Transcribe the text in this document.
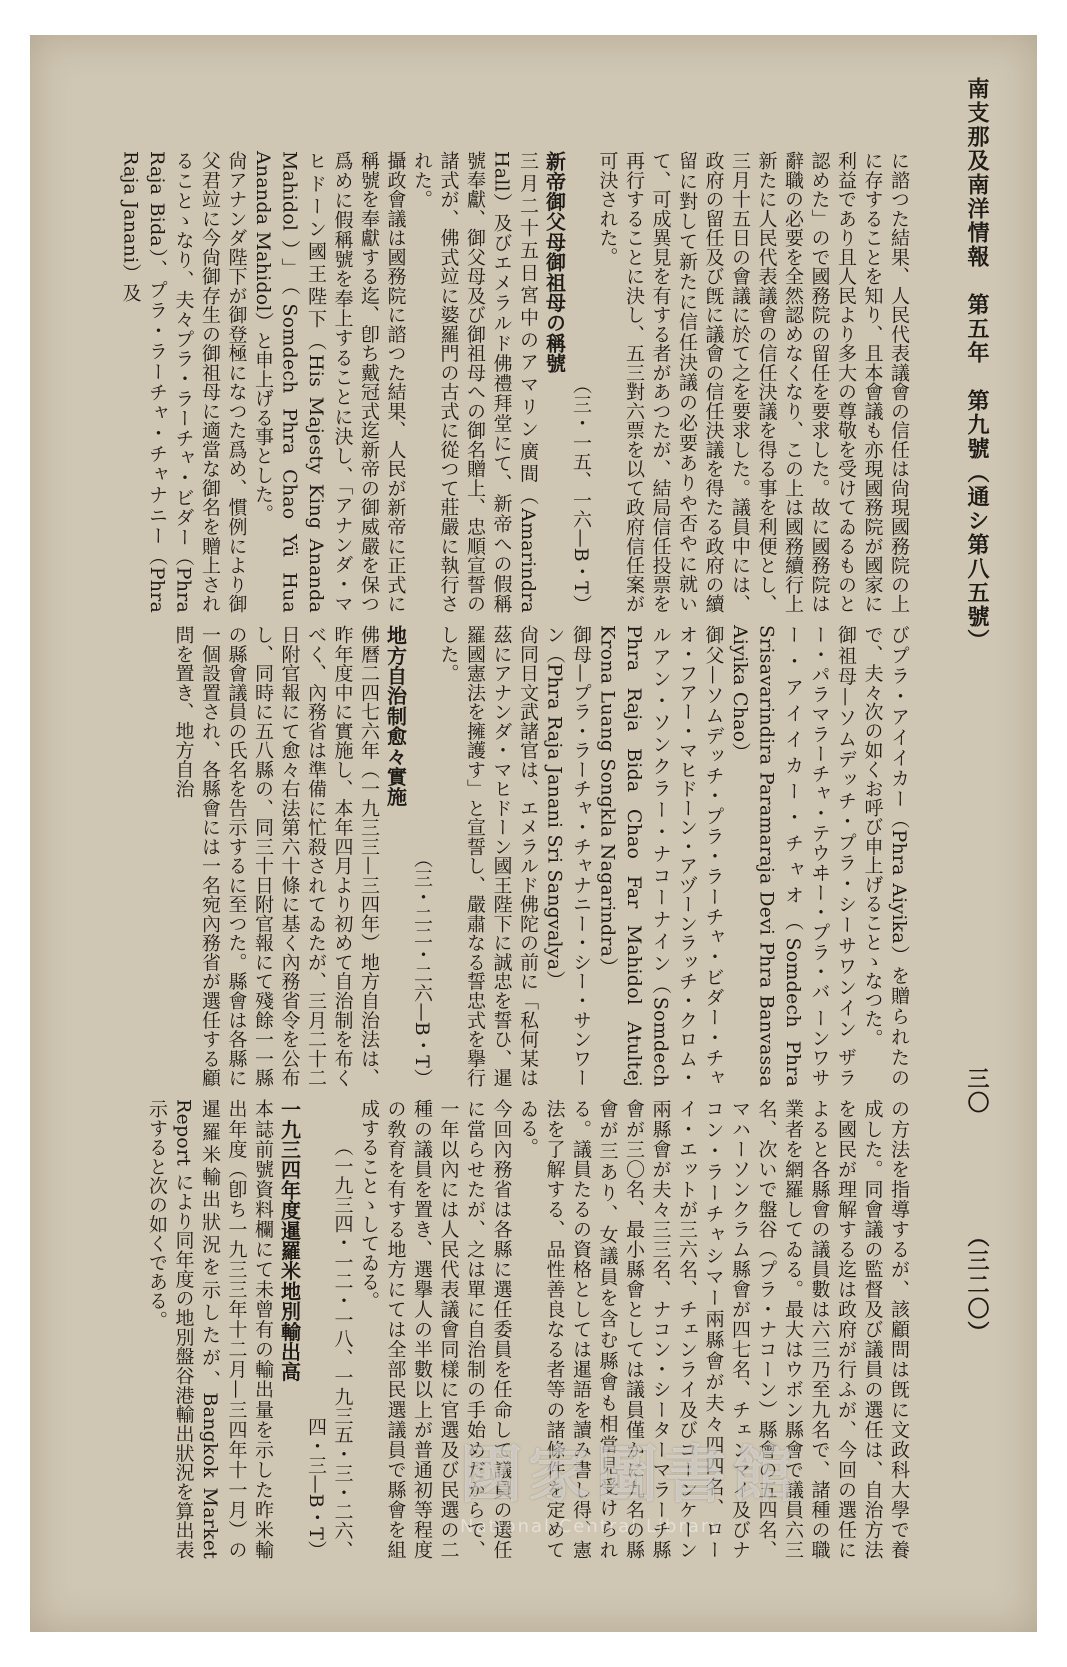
南支那及南洋情報　第五年　第九號（通シ第八五號）
三〇
（三二〇）
に諮つた結果、人民代表議會の信任は尙現國務院の上に存することを知り、且本會議も亦現國務院が國家に利益であり且人民より多大の尊敬を受けてゐるものと認めた」ので國務院の留任を要求した。故に國務院は辭職の必要を全然認めなくなり、この上は國務續行上新たに人民代表議會の信任決議を得る事を利便とし、三月十五日の會議に於て之を要求した。議員中には、政府の留任及び旣に議會の信任決議を得たる政府の續留に對して新たに信任決議の必要ありや否やに就いて、可成異見を有する者があつたが、結局信任投票を再行することに決し、五三對六票を以て政府信任案が可決された。
（三・一五、一六—B・T）
新帝御父母御祖母の稱號
三月二十五日宮中のアマリン廣間（Amarindra Hall）及びエメラルド佛禮拜堂にて、新帝への假稱號奉獻、御父母及び御祖母への御名贈上、忠順宣誓の諸式が、佛式竝に婆羅門の古式に從つて莊嚴に執行された。
攝政會議は國務院に諮つた結果、人民が新帝に正式に稱號を奉獻する迄、卽ち戴冠式迄新帝の御威嚴を保つ爲めに假稱號を奉上することに決し、「アナンダ・マヒドーン國王陛下（His Majesty King Ananda Mahidol）」（Somdech Phra Chao Yü Hua Ananda Mahidol）と申上げる事とした。
尙アナンダ陛下が御登極になつた爲め、慣例により御父君竝に今尙御存生の御祖母に適當な御名を贈上されることゝなり、夫々プラ・ラーチャ・ビダー（Phra Raja Bida）、プラ・ラーチャ・チャナニー（Phra Raja Janani）及
びプラ・アイイカー（Phra Aiyika）を贈られたので、夫々次の如くお呼び申上げることゝなつた。
御祖母—ソムデッチ・プラ・シーサワンイン ザラー・パラマラーチャ・テウヰー・プラ・バ ーンワサー・アイイカー・チャオ（Somdech Phra Srisavarindira Paramaraja Devi Phra Banvassa Aiyika Chao）
御父—ソムデッチ・プラ・ラーチャ・ビダー・チャオ・フアー・マヒドーン・アヅーンラッチ・クロム・ルアン・ソンクラー・ナコーナイン（Somdech Phra Raja Bida Chao Far Mahidol Atultej Krona Luang Songkla Nagarindra）
御母—プラ・ラーチャ・チャナニー・シー・サンワーン（Phra Raja Janani Sri Sangvalya）
尙同日文武諸官は、エメラルド佛陀の前に「私何某は茲にアナンダ・マヒドーン國王陛下に誠忠を誓ひ、暹羅國憲法を擁護す」と宣誓し、嚴肅なる誓忠式を擧行した。
（三・二二・二六—B・T）
地方自治制愈々實施
佛曆二四七六年（一九三三—三四年）地方自治法は、昨年度中に實施し、本年四月より初めて自治制を布くべく、內務省は準備に忙殺されてゐたが、三月二十二日附官報にて愈々右法第六十條に基く內務省令を公布し、同時に五八縣の、同三十日附官報にて殘餘一一縣の縣會議員の氏名を告示するに至つた。縣會は各縣に一個設置され、各縣會には一名宛內務省が選任する顧問を置き、地方自治
の方法を指導するが、該顧問は旣に文政科大學で養成した。同會議の監督及び議員の選任は、自治方法を國民が理解する迄は政府が行ふが、今回の選任によると各縣會の議員數は六三乃至九名で、諸種の職業者を網羅してゐる。最大はウボン縣會で議員六三名、次いで盤谷（プラ・ナコーン）縣會の五四名、マハーソンクラム縣會が四七名、チェンマイ及びナコン・ラーチャシマー兩縣會が夫々四四名、ローイ・エットが三六名、チェンライ及びコーンケーン兩縣會が夫々三三名、ナコン・シーターマラーチ縣會が三〇名、最小縣會としては議員僅かに九名の縣會が三あり、女議員を含む縣會も相當見受けられる。議員たるの資格としては暹語を讀み書し得、憲法を了解する、品性善良なる者等の諸條件を定めてゐる。
今回內務省は各縣に選任委員を任命して議員の選任に當らせたが、之は單に自治制の手始めだからで、一年以內には人民代表議會同樣に官選及び民選の二種の議員を置き、選擧人の半數以上が普通初等程度の敎育を有する地方にては全部民選議員で縣會を組成することゝしてゐる。
（一九三四・一二・一八、一九三五・三・二六、四・三—B・T）
一九三四年度暹羅米地別輸出高
本誌前號資料欄にて未曾有の輸出量を示した昨米輸出年度（卽ち一九三三年十二月—三四年十一月）の暹羅米輸出狀況を示したが、Bangkok Market Report により同年度の地別盤谷港輸出狀況を算出表示すると次の如くである。
國家圖書館
National Central Library
